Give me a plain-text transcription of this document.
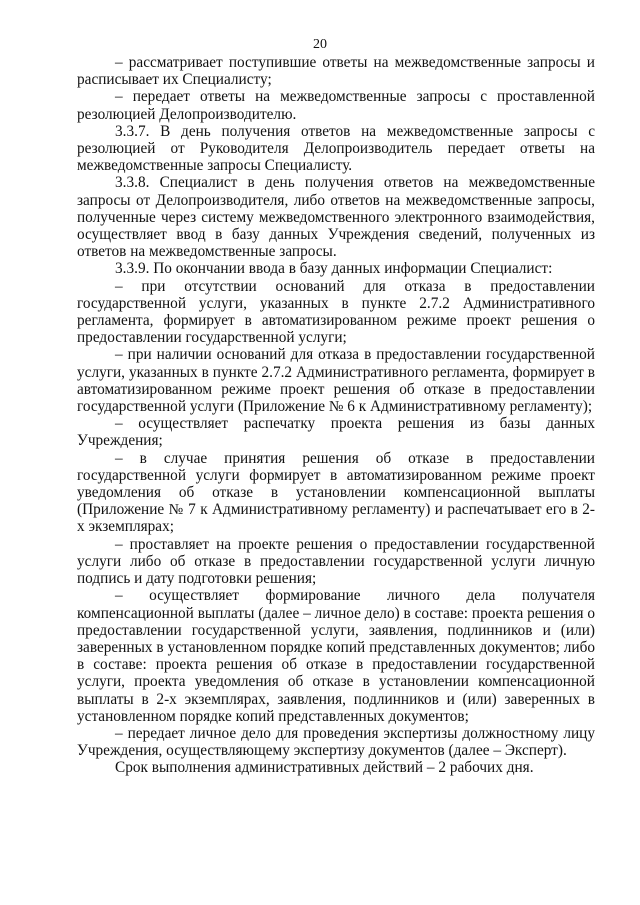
20

– рассматривает поступившие ответы на межведомственные запросы и расписывает их Специалисту;

– передает ответы на межведомственные запросы с проставленной резолюцией Делопроизводителю.

3.3.7. В день получения ответов на межведомственные запросы с резолюцией от Руководителя Делопроизводитель передает ответы на межведомственные запросы Специалисту.

3.3.8. Специалист в день получения ответов на межведомственные запросы от Делопроизводителя, либо ответов на межведомственные запросы, полученные через систему межведомственного электронного взаимодействия, осуществляет ввод в базу данных Учреждения сведений, полученных из ответов на межведомственные запросы.

3.3.9. По окончании ввода в базу данных информации Специалист:

– при отсутствии оснований для отказа в предоставлении государственной услуги, указанных в пункте 2.7.2 Административного регламента, формирует в автоматизированном режиме проект решения о предоставлении государственной услуги;

– при наличии оснований для отказа в предоставлении государственной услуги, указанных в пункте 2.7.2 Административного регламента, формирует в автоматизированном режиме проект решения об отказе в предоставлении государственной услуги (Приложение № 6 к Административному регламенту);

– осуществляет распечатку проекта решения из базы данных Учреждения;

– в случае принятия решения об отказе в предоставлении государственной услуги формирует в автоматизированном режиме проект уведомления об отказе в установлении компенсационной выплаты (Приложение № 7 к Административному регламенту) и распечатывает его в 2-х экземплярах;

– проставляет на проекте решения о предоставлении государственной услуги либо об отказе в предоставлении государственной услуги личную подпись и дату подготовки решения;

– осуществляет формирование личного дела получателя компенсационной выплаты (далее – личное дело) в составе: проекта решения о предоставлении государственной услуги, заявления, подлинников и (или) заверенных в установленном порядке копий представленных документов; либо в составе: проекта решения об отказе в предоставлении государственной услуги, проекта уведомления об отказе в установлении компенсационной выплаты в 2-х экземплярах, заявления, подлинников и (или) заверенных в установленном порядке копий представленных документов;

– передает личное дело для проведения экспертизы должностному лицу Учреждения, осуществляющему экспертизу документов (далее – Эксперт).

Срок выполнения административных действий – 2 рабочих дня.
